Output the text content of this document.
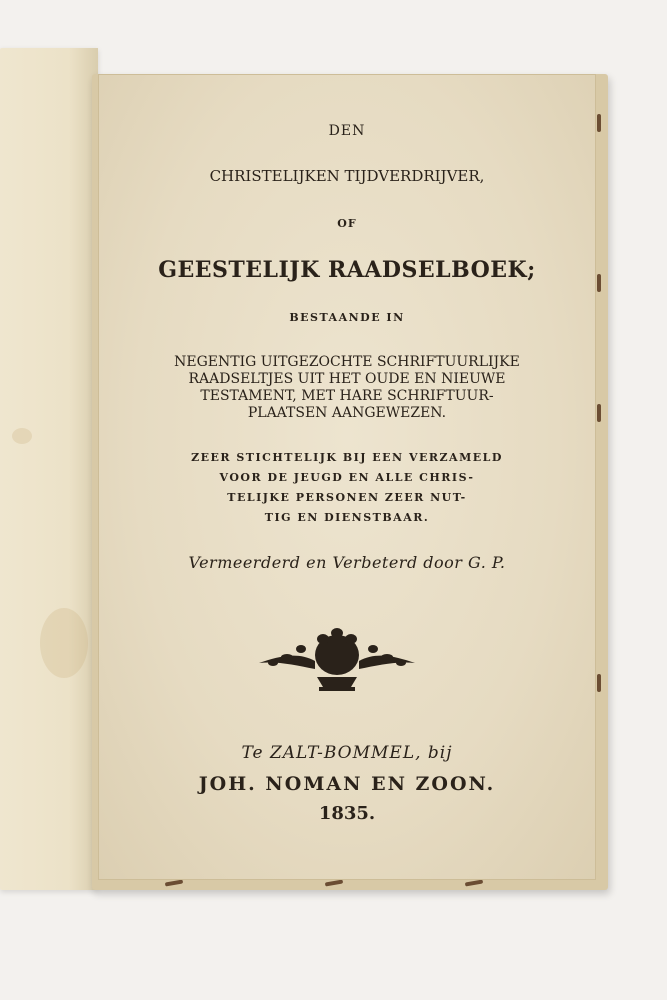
DEN
CHRISTELIJKEN TIJDVERDRIJVER,
OF
GEESTELIJK RAADSELBOEK;
BESTAANDE IN
NEGENTIG UITGEZOCHTE SCHRIFTUURLIJKE
RAADSELTJES UIT HET OUDE EN NIEUWE
TESTAMENT, MET HARE SCHRIFTUUR-
PLAATSEN AANGEWEZEN.
ZEER STICHTELIJK BIJ EEN VERZAMELD
VOOR DE JEUGD EN ALLE CHRIS-
TELIJKE PERSONEN ZEER NUT-
TIG EN DIENSTBAAR.
Vermeerderd en Verbeterd door G. P.
Te ZALT-BOMMEL, bij
JOH. NOMAN EN ZOON.
1835.
